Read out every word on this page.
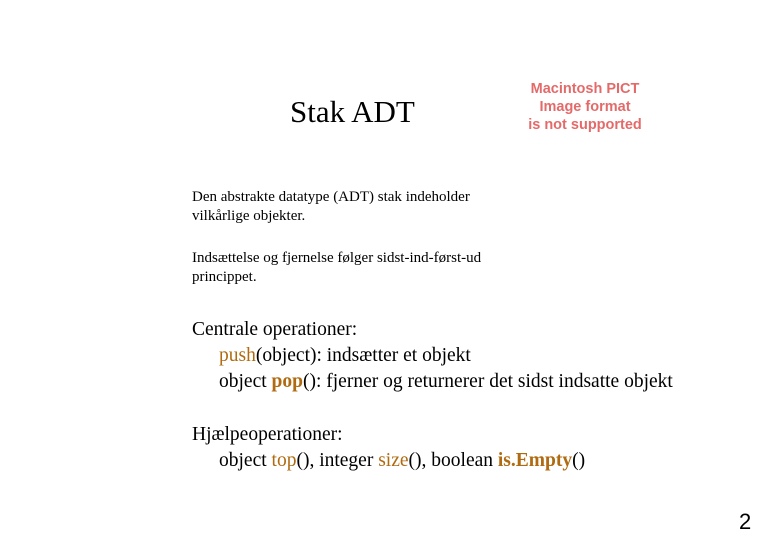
Stak ADT
Macintosh PICT
Image format
is not supported
Den abstrakte datatype (ADT) stak indeholder
vilkårlige objekter.
Indsættelse og fjernelse følger sidst-ind-først-ud
princippet.
Centrale operationer:
push(object): indsætter et objekt
object pop(): fjerner og returnerer det sidst indsatte objekt
Hjælpeoperationer:
object top(), integer size(), boolean is.Empty()
2
